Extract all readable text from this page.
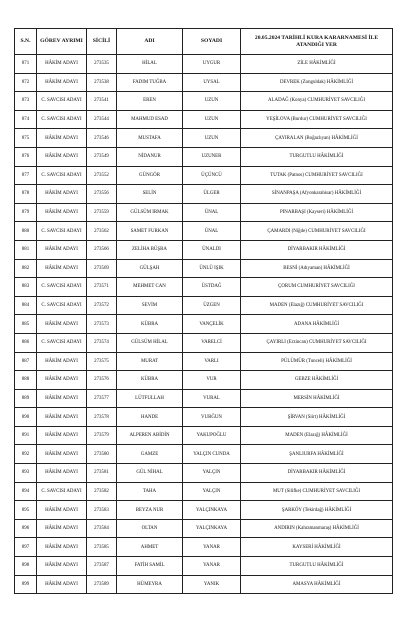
S.N.	GÖREV AYRIMI	SİCİLİ	ADI	SOYADI	20.05.2024 TARİHLİ KURA KARARNAMESİ İLE ATANDIĞI YER
871	HÂKİM ADAYI	273535	HİLAL	UYGUR	ZİLE HÂKİMLİĞİ
872	HÂKİM ADAYI	273538	FADIM TUĞBA	UYSAL	DEVREK (Zonguldak) HÂKİMLİĞİ
873	C. SAVCISI ADAYI	273541	EREN	UZUN	ALADAĞ (Konya) CUMHURİYET SAVCILIĞI
874	C. SAVCISI ADAYI	273544	MAHMUD ESAD	UZUN	YEŞİLOVA (Burdur) CUMHURİYET SAVCILIĞI
875	HÂKİM ADAYI	273546	MUSTAFA	UZUN	ÇAYIRALAN (Boğazlıyan) HÂKİMLİĞİ
876	HÂKİM ADAYI	273549	NİDANUR	UZUNER	TURGUTLU HÂKİMLİĞİ
877	C. SAVCISI ADAYI	273552	GÜNGÖR	ÜÇÜNCÜ	TUTAK (Patnos) CUMHURİYET SAVCILIĞI
878	HÂKİM ADAYI	273556	SELİN	ÜLGER	SİNANPAŞA (Afyonkarahisar) HÂKİMLİĞİ
879	HÂKİM ADAYI	273559	GÜLSÜM IRMAK	ÜNAL	PINARBAŞI (Kayseri) HÂKİMLİĞİ
880	C. SAVCISI ADAYI	273562	SAMET FURKAN	ÜNAL	ÇAMARDI (Niğde) CUMHURİYET SAVCILIĞI
881	HÂKİM ADAYI	273566	ZELİHA BÜŞRA	ÜNALDI	DİYARBAKIR HÂKİMLİĞİ
882	HÂKİM ADAYI	273569	GÜLŞAH	ÜNLÜ IŞIK	BESNİ (Adıyaman) HÂKİMLİĞİ
883	C. SAVCISI ADAYI	273571	MEHMET CAN	ÜSTDAĞ	ÇORUM CUMHURİYET SAVCILIĞI
884	C. SAVCISI ADAYI	273572	SEVİM	ÜZGEN	MADEN (Elazığ) CUMHURİYET SAVCILIĞI
885	HÂKİM ADAYI	273573	KÜBRA	VANÇELİK	ADANA HÂKİMLİĞİ
886	C. SAVCISI ADAYI	273574	GÜLSÜM HİLAL	VARELCİ	ÇAYIRLI (Erzincan) CUMHURİYET SAVCILIĞI
887	HÂKİM ADAYI	273575	MURAT	VARLI	PÜLÜMÜR (Tunceli) HÂKİMLİĞİ
888	HÂKİM ADAYI	273576	KÜBRA	VUR	GEBZE HÂKİMLİĞİ
889	HÂKİM ADAYI	273577	LÜTFULLAH	VURAL	MERSİN HÂKİMLİĞİ
890	HÂKİM ADAYI	273578	HANDE	VURĞUN	ŞİRVAN (Siirt) HÂKİMLİĞİ
891	HÂKİM ADAYI	273579	ALPEREN ABİDİN	YAKUPOĞLU	MADEN (Elazığ) HÂKİMLİĞİ
892	HÂKİM ADAYI	273580	GAMZE	YALÇIN CUNDA	ŞANLIURFA HÂKİMLİĞİ
893	HÂKİM ADAYI	273581	GÜL NİHAL	YALÇIN	DİYARBAKIR HÂKİMLİĞİ
894	C. SAVCISI ADAYI	273582	TAHA	YALÇIN	MUT (Silifke) CUMHURİYET SAVCILIĞI
895	HÂKİM ADAYI	273583	BEYZA NUR	YALÇINKAYA	ŞARKÖY (Tekirdağ) HÂKİMLİĞİ
896	HÂKİM ADAYI	273584	OLTAN	YALÇINKAYA	ANDIRIN (Kahramanmaraş) HÂKİMLİĞİ
897	HÂKİM ADAYI	273585	AHMET	YANAR	KAYSERİ HÂKİMLİĞİ
898	HÂKİM ADAYI	273587	FATİH SAMİL	YANAR	TURGUTLU HÂKİMLİĞİ
899	HÂKİM ADAYI	273589	HÜMEYRA	YANIK	AMASYA HÂKİMLİĞİ
